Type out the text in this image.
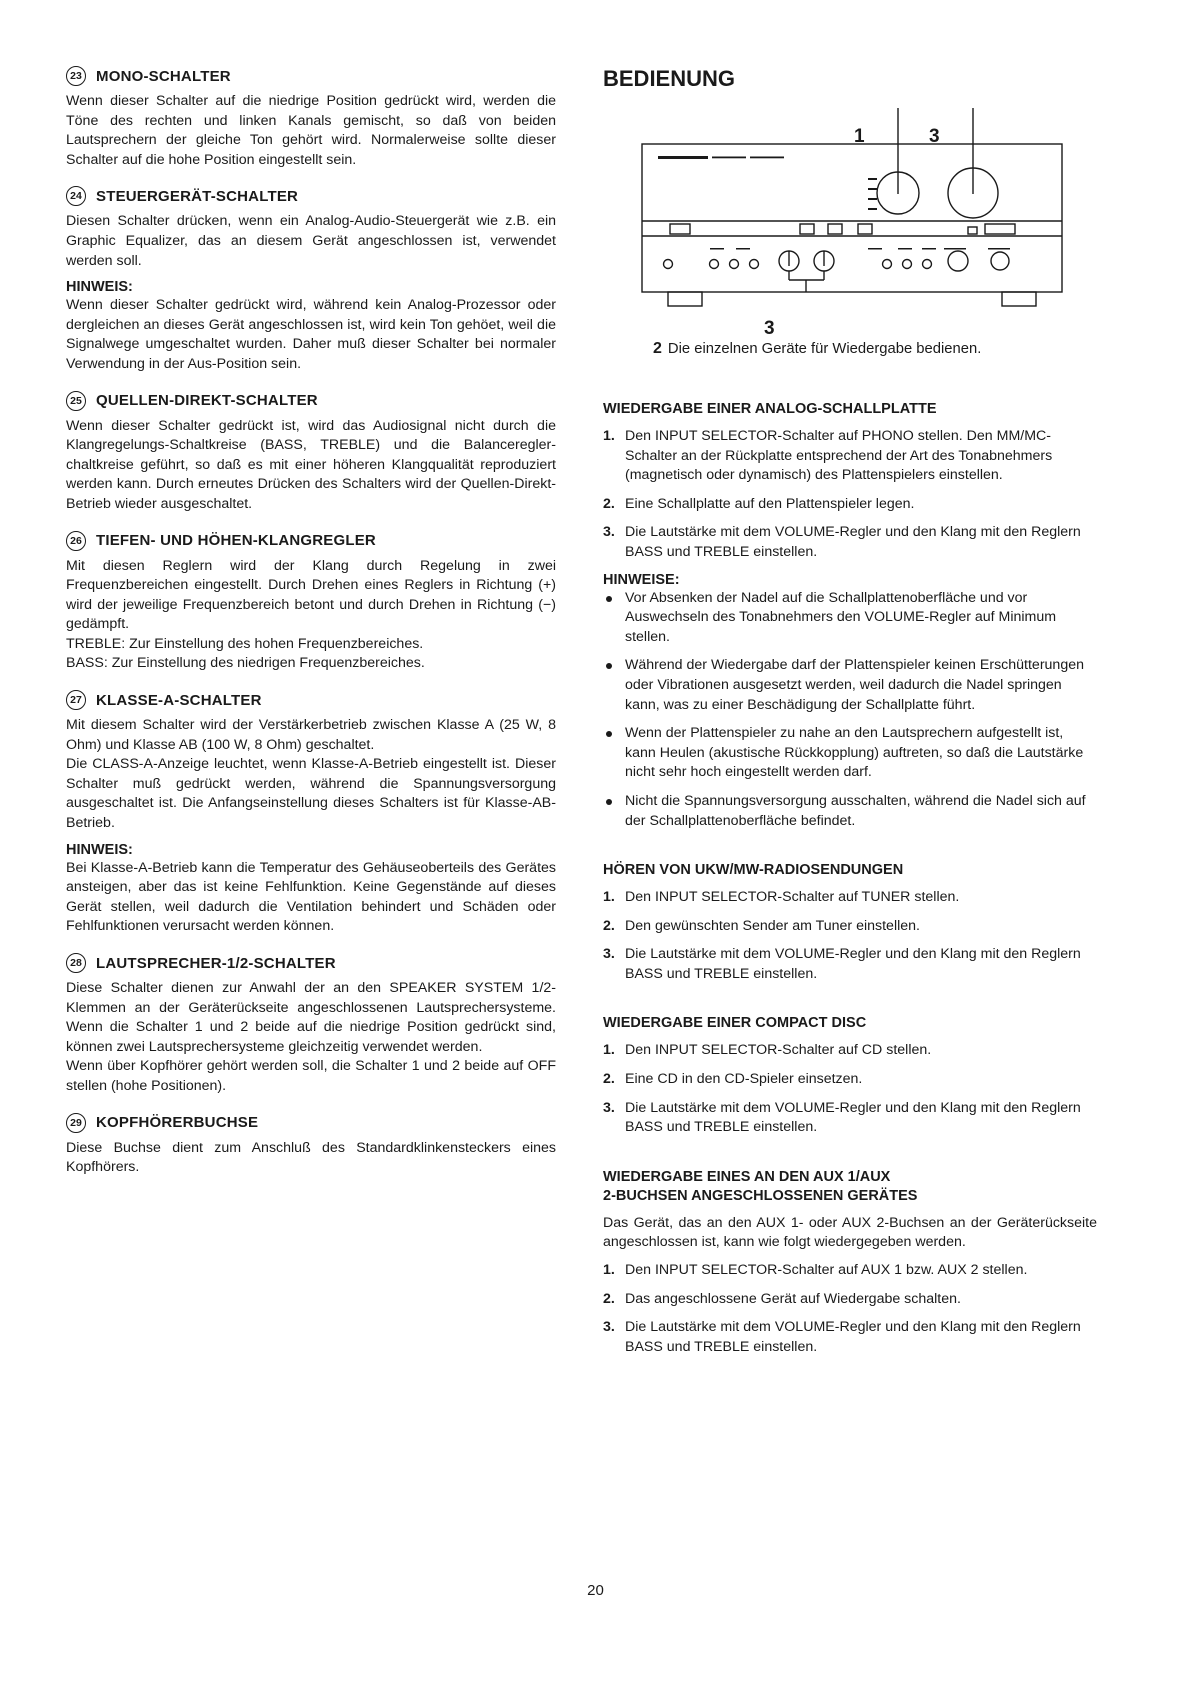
23 MONO-SCHALTER

Wenn dieser Schalter auf die niedrige Position gedrückt wird, werden die Töne des rechten und linken Kanals gemischt, so daß von beiden Lautsprechern der gleiche Ton gehört wird. Normalerweise sollte dieser Schalter auf die hohe Position eingestellt sein.

24 STEUERGERÄT-SCHALTER

Diesen Schalter drücken, wenn ein Analog-Audio-Steuergerät wie z.B. ein Graphic Equalizer, das an diesem Gerät angeschlossen ist, verwendet werden soll.

HINWEIS:

Wenn dieser Schalter gedrückt wird, während kein Analog-Prozessor oder dergleichen an dieses Gerät angeschlossen ist, wird kein Ton gehöet, weil die Signalwege umgeschaltet wurden. Daher muß dieser Schalter bei normaler Verwendung in der Aus-Position sein.

25 QUELLEN-DIREKT-SCHALTER

Wenn dieser Schalter gedrückt ist, wird das Audiosignal nicht durch die Klangregelungs-Schaltkreise (BASS, TREBLE) und die Balanceregler-chaltkreise geführt, so daß es mit einer höheren Klangqualität reproduziert werden kann. Durch erneutes Drücken des Schalters wird der Quellen-Direkt-Betrieb wieder ausgeschaltet.

26 TIEFEN- UND HÖHEN-KLANGREGLER

Mit diesen Reglern wird der Klang durch Regelung in zwei Frequenzbereichen eingestellt. Durch Drehen eines Reglers in Richtung (+) wird der jeweilige Frequenzbereich betont und durch Drehen in Richtung (−) gedämpft.

TREBLE: Zur Einstellung des hohen Frequenzbereiches.

BASS: Zur Einstellung des niedrigen Frequenzbereiches.

27 KLASSE-A-SCHALTER

Mit diesem Schalter wird der Verstärkerbetrieb zwischen Klasse A (25 W, 8 Ohm) und Klasse AB (100 W, 8 Ohm) geschaltet.

Die CLASS-A-Anzeige leuchtet, wenn Klasse-A-Betrieb eingestellt ist. Dieser Schalter muß gedrückt werden, während die Spannungsversorgung ausgeschaltet ist. Die Anfangseinstellung dieses Schalters ist für Klasse-AB-Betrieb.

HINWEIS:

Bei Klasse-A-Betrieb kann die Temperatur des Gehäuseoberteils des Gerätes ansteigen, aber das ist keine Fehlfunktion. Keine Gegenstände auf dieses Gerät stellen, weil dadurch die Ventilation behindert und Schäden oder Fehlfunktionen verursacht werden können.

28 LAUTSPRECHER-1/2-SCHALTER

Diese Schalter dienen zur Anwahl der an den SPEAKER SYSTEM 1/2-Klemmen an der Geräterückseite angeschlossenen Lautsprechersysteme. Wenn die Schalter 1 und 2 beide auf die niedrige Position gedrückt sind, können zwei Lautsprechersysteme gleichzeitig verwendet werden.

Wenn über Kopfhörer gehört werden soll, die Schalter 1 und 2 beide auf OFF stellen (hohe Positionen).

29 KOPFHÖRERBUCHSE

Diese Buchse dient zum Anschluß des Standardklinkensteckers eines Kopfhörers.

BEDIENUNG
1	3
3
2 Die einzelnen Geräte für Wiedergabe bedienen.
WIEDERGABE EINER ANALOG-SCHALLPLATTE
1. Den INPUT SELECTOR-Schalter auf PHONO stellen. Den MM/MC-Schalter an der Rückplatte entsprechend der Art des Tonabnehmers (magnetisch oder dynamisch) des Plattenspielers einstellen.
2. Eine Schallplatte auf den Plattenspieler legen.
3. Die Lautstärke mit dem VOLUME-Regler und den Klang mit den Reglern BASS und TREBLE einstellen.
HINWEISE:
Vor Absenken der Nadel auf die Schallplattenoberfläche und vor Auswechseln des Tonabnehmers den VOLUME-Regler auf Minimum stellen.
Während der Wiedergabe darf der Plattenspieler keinen Erschütterungen oder Vibrationen ausgesetzt werden, weil dadurch die Nadel springen kann, was zu einer Beschädigung der Schallplatte führt.
Wenn der Plattenspieler zu nahe an den Lautsprechern aufgestellt ist, kann Heulen (akustische Rückkopplung) auftreten, so daß die Lautstärke nicht sehr hoch eingestellt werden darf.
Nicht die Spannungsversorgung ausschalten, während die Nadel sich auf der Schallplattenoberfläche befindet.
HÖREN VON UKW/MW-RADIOSENDUNGEN
1. Den INPUT SELECTOR-Schalter auf TUNER stellen.
2. Den gewünschten Sender am Tuner einstellen.
3. Die Lautstärke mit dem VOLUME-Regler und den Klang mit den Reglern BASS und TREBLE einstellen.
WIEDERGABE EINER COMPACT DISC
1. Den INPUT SELECTOR-Schalter auf CD stellen.
2. Eine CD in den CD-Spieler einsetzen.
3. Die Lautstärke mit dem VOLUME-Regler und den Klang mit den Reglern BASS und TREBLE einstellen.
WIEDERGABE EINES AN DEN AUX 1/AUX
2-BUCHSEN ANGESCHLOSSENEN GERÄTES

Das Gerät, das an den AUX 1- oder AUX 2-Buchsen an der Geräterückseite angeschlossen ist, kann wie folgt wiedergegeben werden.

1. Den INPUT SELECTOR-Schalter auf AUX 1 bzw. AUX 2 stellen.
2. Das angeschlossene Gerät auf Wiedergabe schalten.
3. Die Lautstärke mit dem VOLUME-Regler und den Klang mit den Reglern BASS und TREBLE einstellen.
20
